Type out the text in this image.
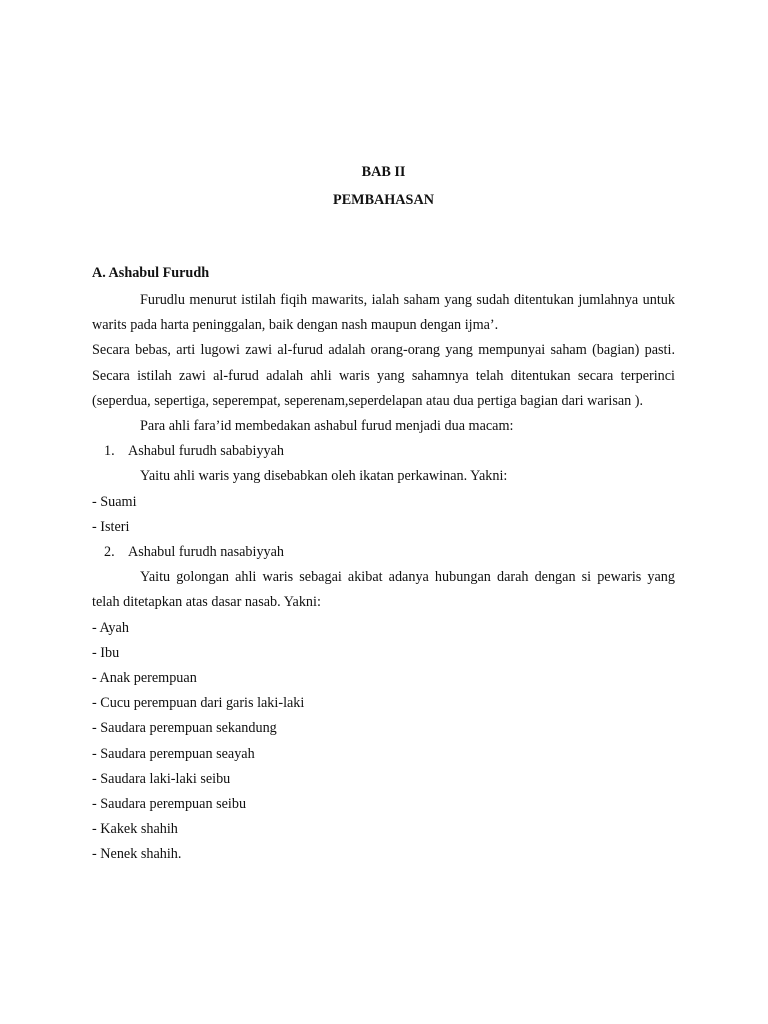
BAB II

PEMBAHASAN

A. Ashabul Furudh

Furudlu menurut istilah fiqih mawarits, ialah saham yang sudah ditentukan jumlahnya untuk warits pada harta peninggalan, baik dengan nash maupun dengan ijma’.

Secara bebas, arti lugowi zawi al-furud adalah orang-orang yang mempunyai saham (bagian) pasti. Secara istilah zawi al-furud adalah ahli waris yang sahamnya telah ditentukan secara terperinci (seperdua, sepertiga, seperempat, seperenam,seperdelapan atau dua pertiga bagian dari warisan ).

Para ahli fara’id membedakan ashabul furud menjadi dua macam:

1. Ashabul furudh sababiyyah

Yaitu ahli waris yang disebabkan oleh ikatan perkawinan. Yakni:

- Suami
- Isteri

2. Ashabul furudh nasabiyyah

Yaitu golongan ahli waris sebagai akibat adanya hubungan darah dengan si pewaris yang telah ditetapkan atas dasar nasab. Yakni:

- Ayah
- Ibu
- Anak perempuan
- Cucu perempuan dari garis laki-laki
- Saudara perempuan sekandung
- Saudara perempuan seayah
- Saudara laki-laki seibu
- Saudara perempuan seibu
- Kakek shahih
- Nenek shahih.
